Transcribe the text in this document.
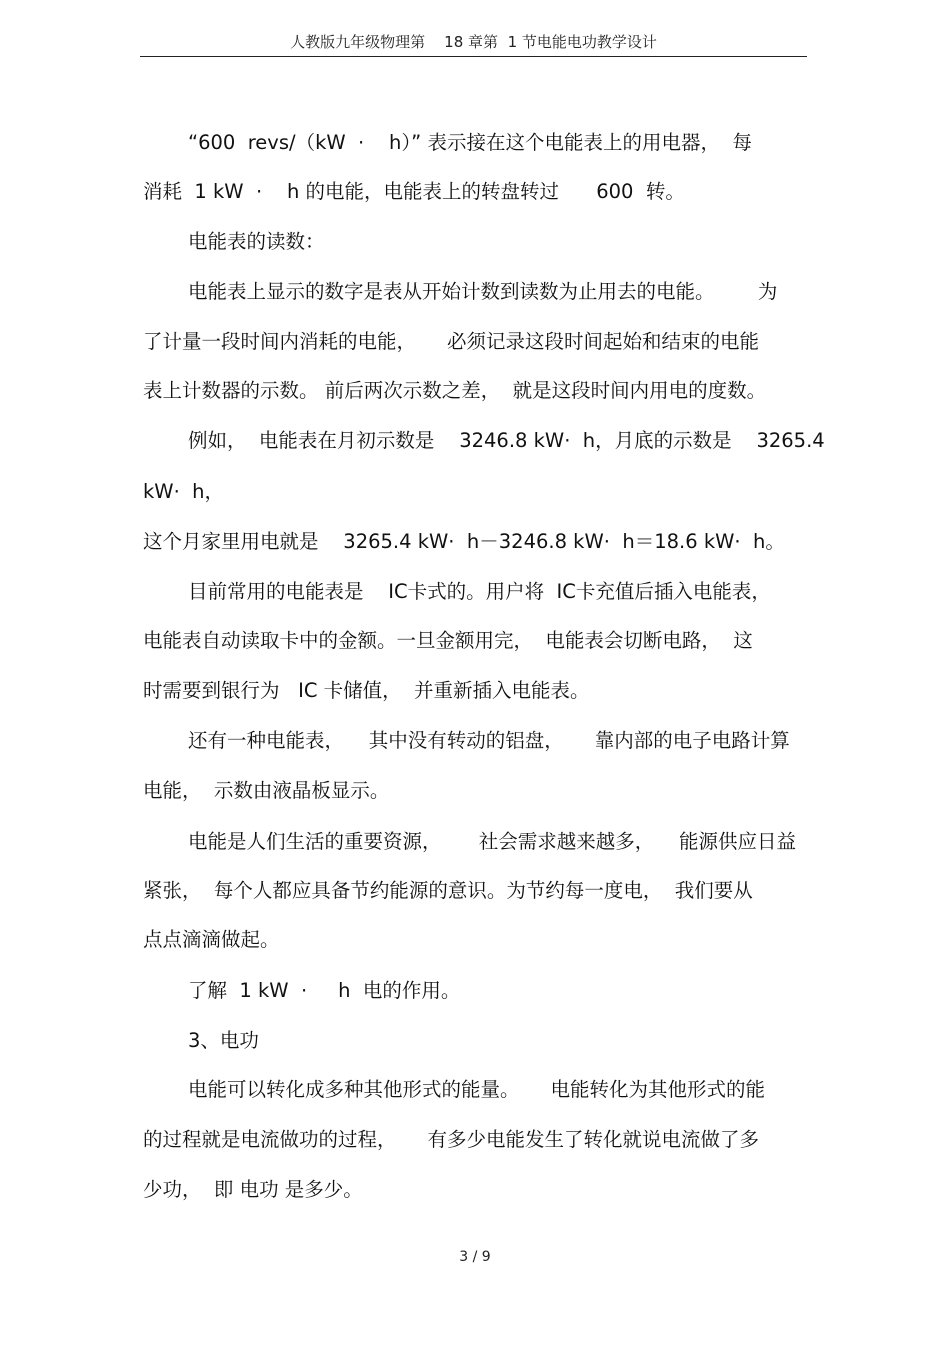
人教版九年级物理第    18 章第  1 节电能电功教学设计
“600  revs/（kW  ·    h）” 表示接在这个电能表上的用电器，  每
消耗  1 kW  ·    h 的电能，电能表上的转盘转过      600  转。
电能表的读数：
电能表上显示的数字是表从开始计数到读数为止用去的电能。       为
了计量一段时间内消耗的电能，     必须记录这段时间起始和结束的电能
表上计数器的示数。 前后两次示数之差，  就是这段时间内用电的度数。
例如，  电能表在月初示数是    3246.8 kW·  h，月底的示数是    3265.4
kW·  h，
这个月家里用电就是    3265.4 kW·  h－3246.8 kW·  h＝18.6 kW·  h。
目前常用的电能表是    IC卡式的。用户将  IC卡充值后插入电能表，
电能表自动读取卡中的金额。一旦金额用完，  电能表会切断电路，  这
时需要到银行为   IC 卡储值，  并重新插入电能表。
还有一种电能表，    其中没有转动的铝盘，     靠内部的电子电路计算
电能，  示数由液晶板显示。
电能是人们生活的重要资源，      社会需求越来越多，    能源供应日益
紧张，  每个人都应具备节约能源的意识。为节约每一度电，  我们要从
点点滴滴做起。
了解  1 kW  ·     h  电的作用。
3、电功
电能可以转化成多种其他形式的能量。     电能转化为其他形式的能
的过程就是电流做功的过程，     有多少电能发生了转化就说电流做了多
少功，  即 电功 是多少。
3 / 9
